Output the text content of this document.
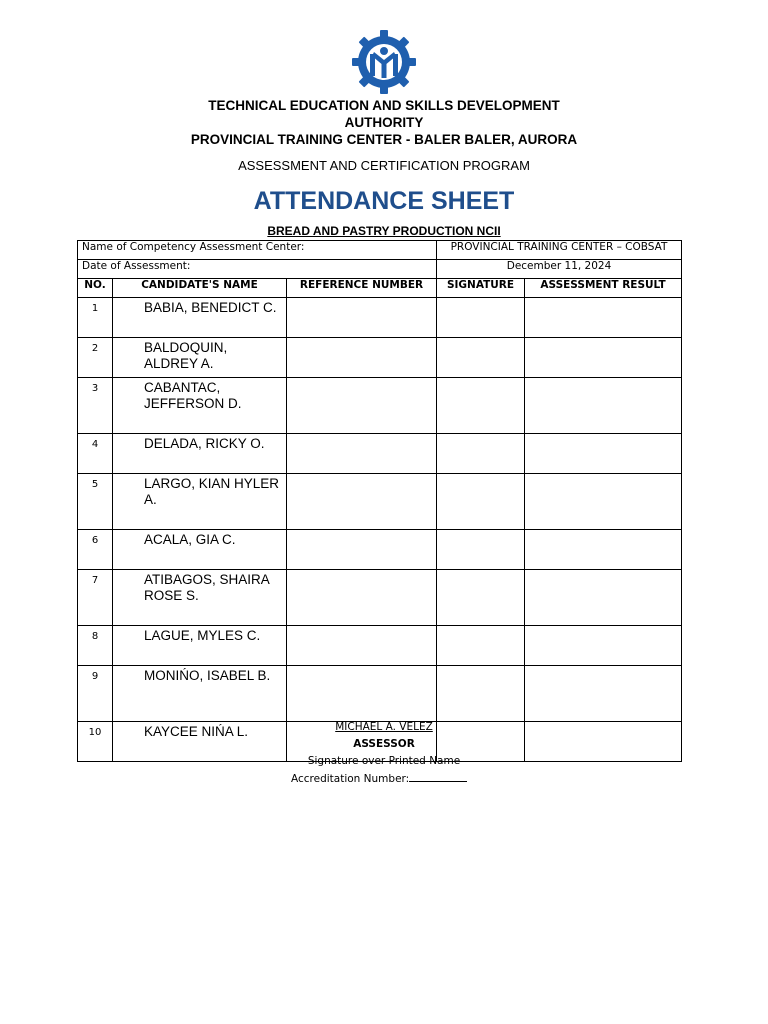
TECHNICAL EDUCATION AND SKILLS DEVELOPMENT
AUTHORITY
PROVINCIAL TRAINING CENTER - BALER BALER, AURORA
ASSESSMENT AND CERTIFICATION PROGRAM
ATTENDANCE SHEET
BREAD AND PASTRY PRODUCTION NCII
Name of Competency Assessment Center:			PROVINCIAL TRAINING CENTER – COBSAT	
Date of Assessment:			December 11, 2024	
NO.	CANDIDATE'S NAME	REFERENCE NUMBER	SIGNATURE	ASSESSMENT RESULT
1	BABIA, BENEDICT C.			
2	BALDOQUIN, ALDREY A.			
3	CABANTAC, JEFFERSON D.			
4	DELADA, RICKY O.			
5	LARGO, KIAN HYLER A.			
6	ACALA, GIA C.			
7	ATIBAGOS, SHAIRA ROSE S.			
8	LAGUE, MYLES C.			
9	MONIŃO, ISABEL B.			
10	KAYCEE NIŃA L.				MICHAEL A. VELEZ
ASSESSOR
Signature over Printed Name
Accreditation Number:
